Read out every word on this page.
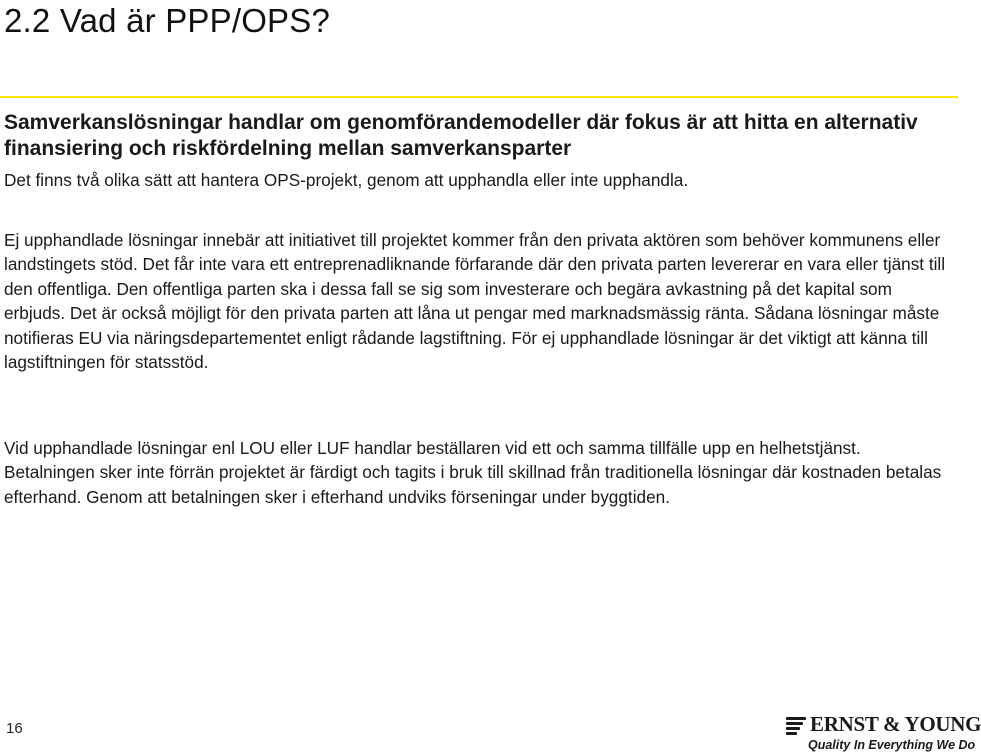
2.2 Vad är PPP/OPS?
Samverkanslösningar handlar om genomförandemodeller där fokus är att hitta en alternativ finansiering och riskfördelning mellan samverkansparter

Det finns två olika sätt att hantera OPS-projekt, genom att upphandla eller inte upphandla.

Ej upphandlade lösningar innebär att initiativet till projektet kommer från den privata aktören som behöver kommunens eller landstingets stöd. Det får inte vara ett entreprenadliknande förfarande där den privata parten levererar en vara eller tjänst till den offentliga. Den offentliga parten ska i dessa fall se sig som investerare och begära avkastning på det kapital som erbjuds. Det är också möjligt för den privata parten att låna ut pengar med marknadsmässig ränta. Sådana lösningar måste notifieras EU via näringsdepartementet enligt rådande lagstiftning. För ej upphandlade lösningar är det viktigt att känna till lagstiftningen för statsstöd.

Vid upphandlade lösningar enl LOU eller LUF handlar beställaren vid ett och samma tillfälle upp en helhetstjänst. Betalningen sker inte förrän projektet är färdigt och tagits i bruk till skillnad från traditionella lösningar där kostnaden betalas efterhand. Genom att betalningen sker i efterhand undviks förseningar under byggtiden.

16	ERNST & YOUNG
Quality In Everything We Do
